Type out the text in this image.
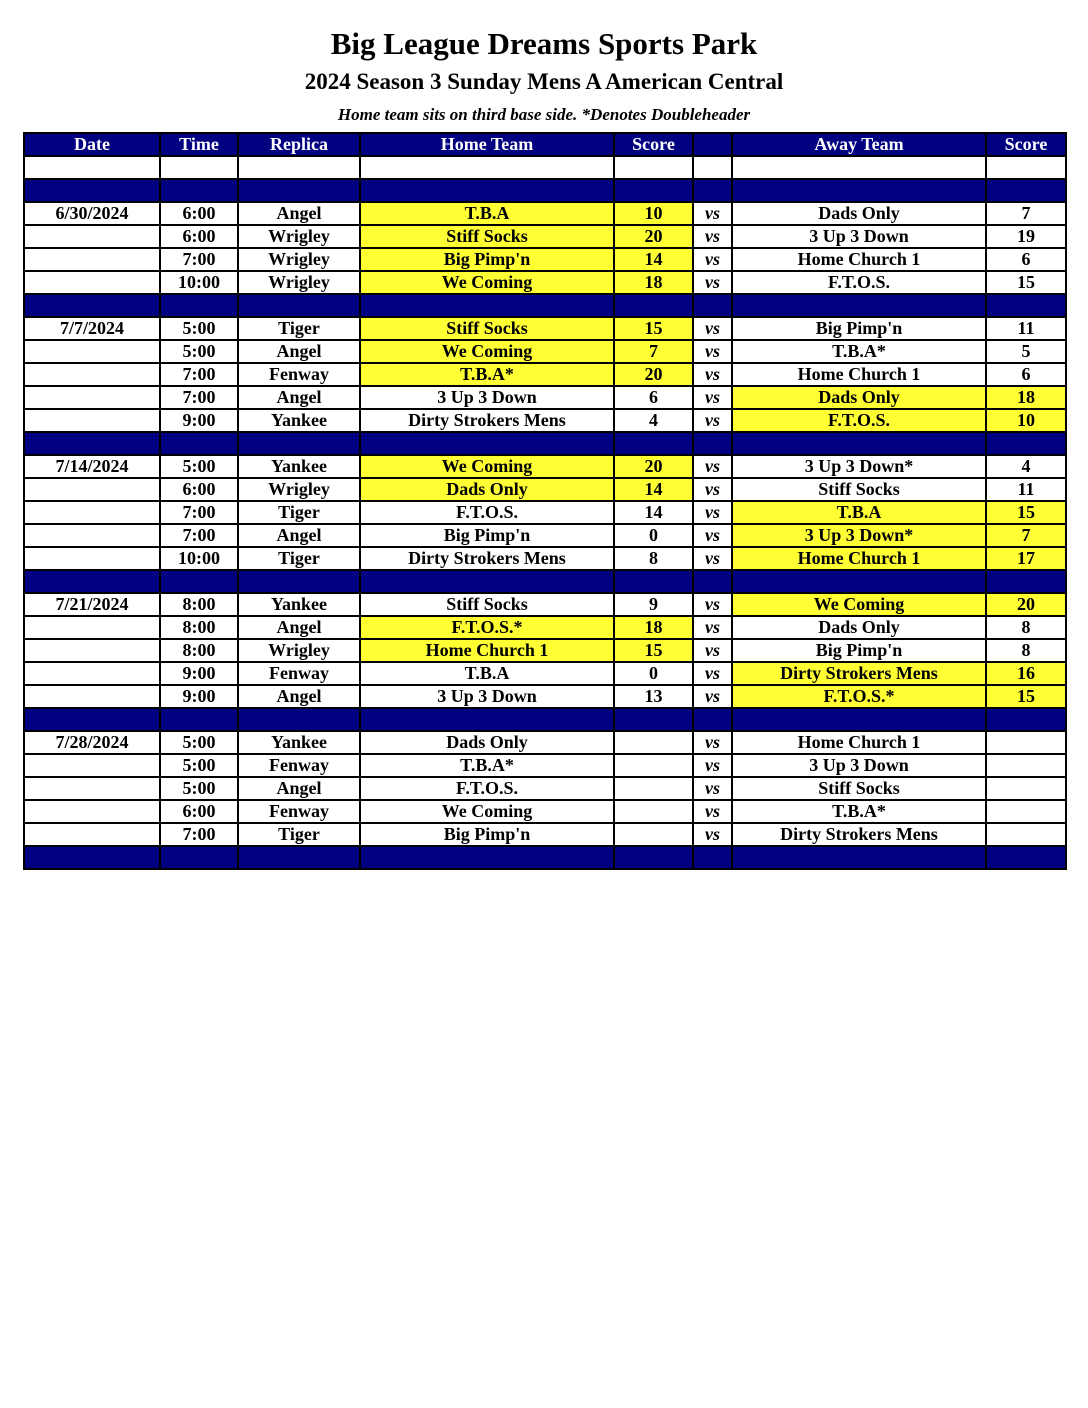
Big League Dreams Sports Park
2024 Season 3 Sunday Mens A American Central
Home team sits on third base side. *Denotes Doubleheader
Date	Time	Replica	Home Team	Score		Away Team	Score

6/30/2024	6:00	Angel	T.B.A	10	vs	Dads Only	7
	6:00	Wrigley	Stiff Socks	20	vs	3 Up 3 Down	19
	7:00	Wrigley	Big Pimp'n	14	vs	Home Church 1	6
	10:00	Wrigley	We Coming	18	vs	F.T.O.S.	15

7/7/2024	5:00	Tiger	Stiff Socks	15	vs	Big Pimp'n	11
	5:00	Angel	We Coming	7	vs	T.B.A*	5
	7:00	Fenway	T.B.A*	20	vs	Home Church 1	6
	7:00	Angel	3 Up 3 Down	6	vs	Dads Only	18
	9:00	Yankee	Dirty Strokers Mens	4	vs	F.T.O.S.	10

7/14/2024	5:00	Yankee	We Coming	20	vs	3 Up 3 Down*	4
	6:00	Wrigley	Dads Only	14	vs	Stiff Socks	11
	7:00	Tiger	F.T.O.S.	14	vs	T.B.A	15
	7:00	Angel	Big Pimp'n	0	vs	3 Up 3 Down*	7
	10:00	Tiger	Dirty Strokers Mens	8	vs	Home Church 1	17

7/21/2024	8:00	Yankee	Stiff Socks	9	vs	We Coming	20
	8:00	Angel	F.T.O.S.*	18	vs	Dads Only	8
	8:00	Wrigley	Home Church 1	15	vs	Big Pimp'n	8
	9:00	Fenway	T.B.A	0	vs	Dirty Strokers Mens	16
	9:00	Angel	3 Up 3 Down	13	vs	F.T.O.S.*	15

7/28/2024	5:00	Yankee	Dads Only		vs	Home Church 1	
	5:00	Fenway	T.B.A*		vs	3 Up 3 Down	
	5:00	Angel	F.T.O.S.		vs	Stiff Socks	
	6:00	Fenway	We Coming		vs	T.B.A*	
	7:00	Tiger	Big Pimp'n		vs	Dirty Strokers Mens	
